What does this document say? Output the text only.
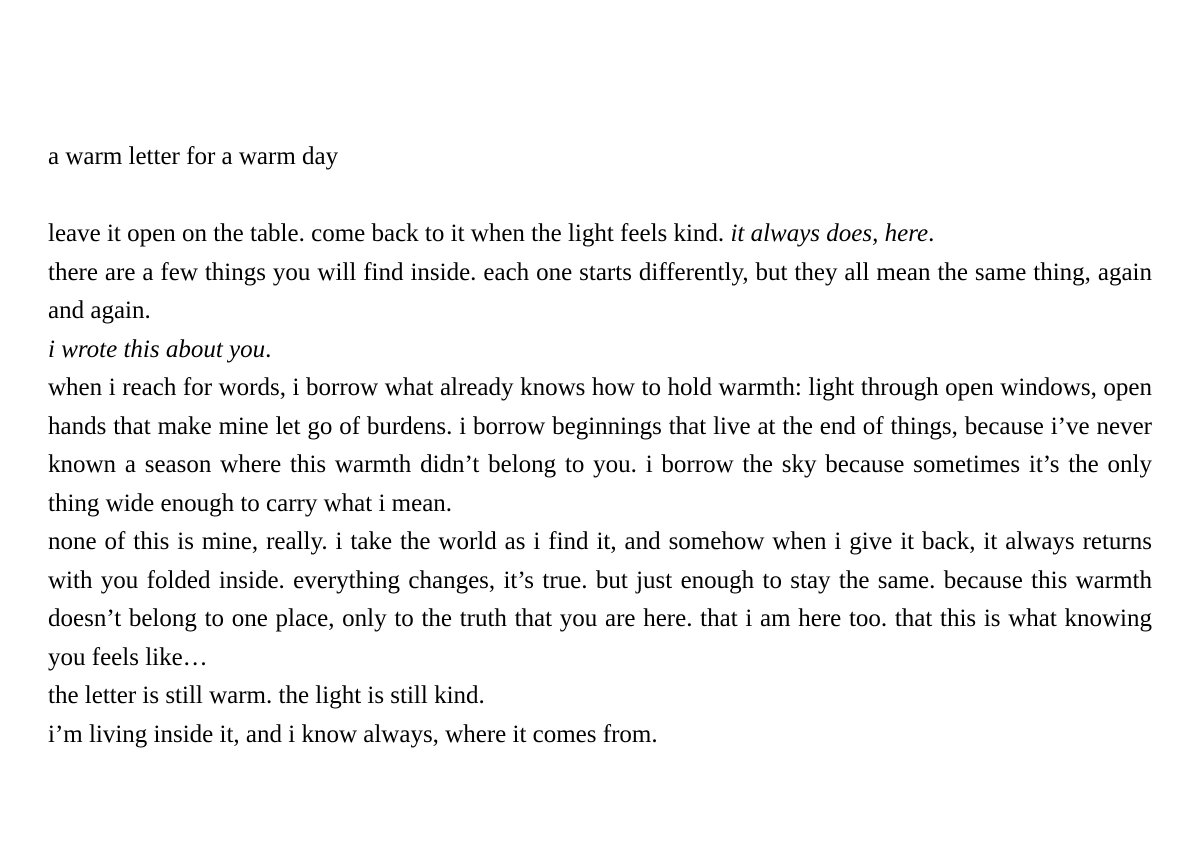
a warm letter for a warm day

leave it open on the table. come back to it when the light feels kind. it always does, here.

there are a few things you will find inside. each one starts differently, but they all mean the same thing, again and again.

i wrote this about you.

when i reach for words, i borrow what already knows how to hold warmth: light through open windows, open hands that make mine let go of burdens. i borrow beginnings that live at the end of things, because i’ve never known a season where this warmth didn’t belong to you. i borrow the sky because sometimes it’s the only thing wide enough to carry what i mean.

none of this is mine, really. i take the world as i find it, and somehow when i give it back, it always returns with you folded inside. everything changes, it’s true. but just enough to stay the same. because this warmth doesn’t belong to one place, only to the truth that you are here. that i am here too. that this is what knowing you feels like…

the letter is still warm. the light is still kind.

i’m living inside it, and i know always, where it comes from.
